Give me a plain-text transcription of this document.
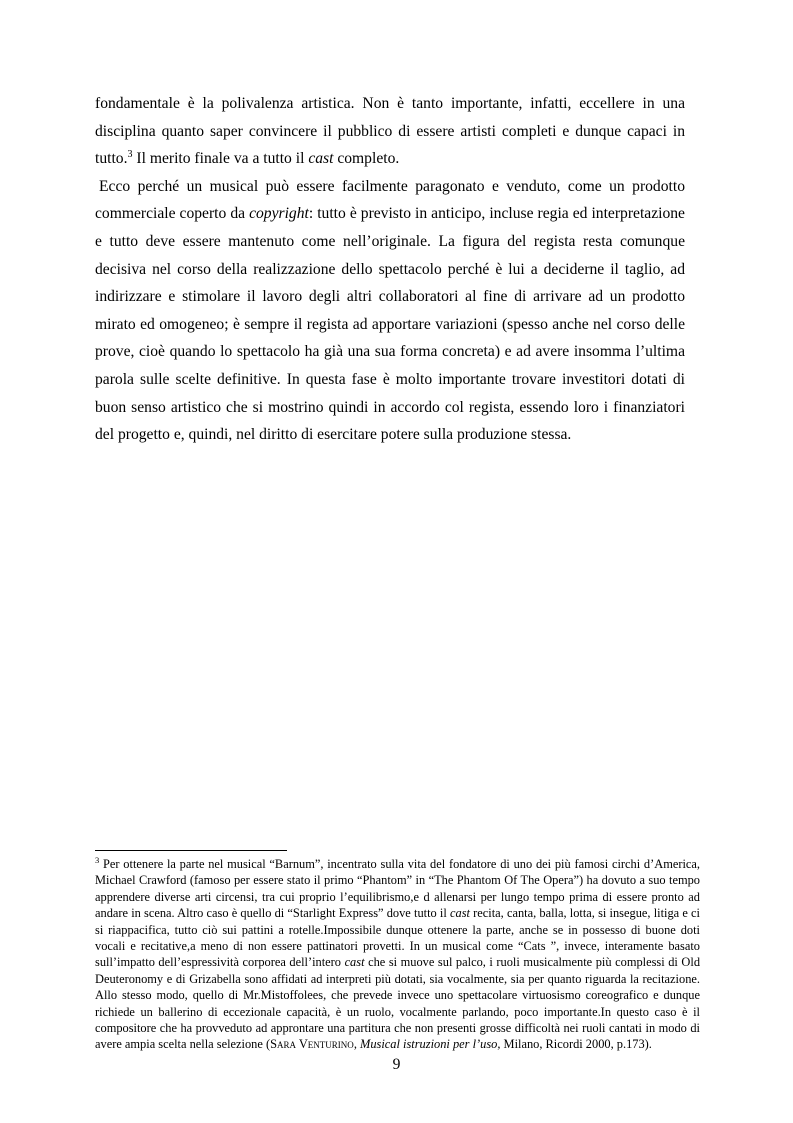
fondamentale è la polivalenza artistica. Non è tanto importante, infatti, eccellere in una disciplina quanto saper convincere il pubblico di essere artisti completi e dunque capaci in tutto.$^3$ Il merito finale va a tutto il cast completo.

Ecco perché un musical può essere facilmente paragonato e venduto, come un prodotto commerciale coperto da copyright: tutto è previsto in anticipo, incluse regia ed interpretazione e tutto deve essere mantenuto come nell’originale. La figura del regista resta comunque decisiva nel corso della realizzazione dello spettacolo perché è lui a deciderne il taglio, ad indirizzare e stimolare il lavoro degli altri collaboratori al fine di arrivare ad un prodotto mirato ed omogeneo; è sempre il regista ad apportare variazioni (spesso anche nel corso delle prove, cioè quando lo spettacolo ha già una sua forma concreta) e ad avere insomma l’ultima parola sulle scelte definitive. In questa fase è molto importante trovare investitori dotati di buon senso artistico che si mostrino quindi in accordo col regista, essendo loro i finanziatori del progetto e, quindi, nel diritto di esercitare potere sulla produzione stessa.

$^3$ Per ottenere la parte nel musical “Barnum”, incentrato sulla vita del fondatore di uno dei più famosi circhi d’America, Michael Crawford (famoso per essere stato il primo “Phantom” in “The Phantom Of The Opera”) ha dovuto a suo tempo apprendere diverse arti circensi, tra cui proprio l’equilibrismo,e d allenarsi per lungo tempo prima di essere pronto ad andare in scena. Altro caso è quello di “Starlight Express” dove tutto il cast recita, canta, balla, lotta, si insegue, litiga e ci si riappacifica, tutto ciò sui pattini a rotelle.Impossibile dunque ottenere la parte, anche se in possesso di buone doti vocali e recitative,a meno di non essere pattinatori provetti. In un musical come “Cats ”, invece, interamente basato sull’impatto dell’espressività corporea dell’intero cast che si muove sul palco, i ruoli musicalmente più complessi di Old Deuteronomy e di Grizabella sono affidati ad interpreti più dotati, sia vocalmente, sia per quanto riguarda la recitazione. Allo stesso modo, quello di Mr.Mistoffolees, che prevede invece uno spettacolare virtuosismo coreografico e dunque richiede un ballerino di eccezionale capacità, è un ruolo, vocalmente parlando, poco importante.In questo caso è il compositore che ha provveduto ad approntare una partitura che non presenti grosse difficoltà nei ruoli cantati in modo di avere ampia scelta nella selezione (Sara Venturino, Musical istruzioni per l’uso, Milano, Ricordi 2000, p.173).

9
